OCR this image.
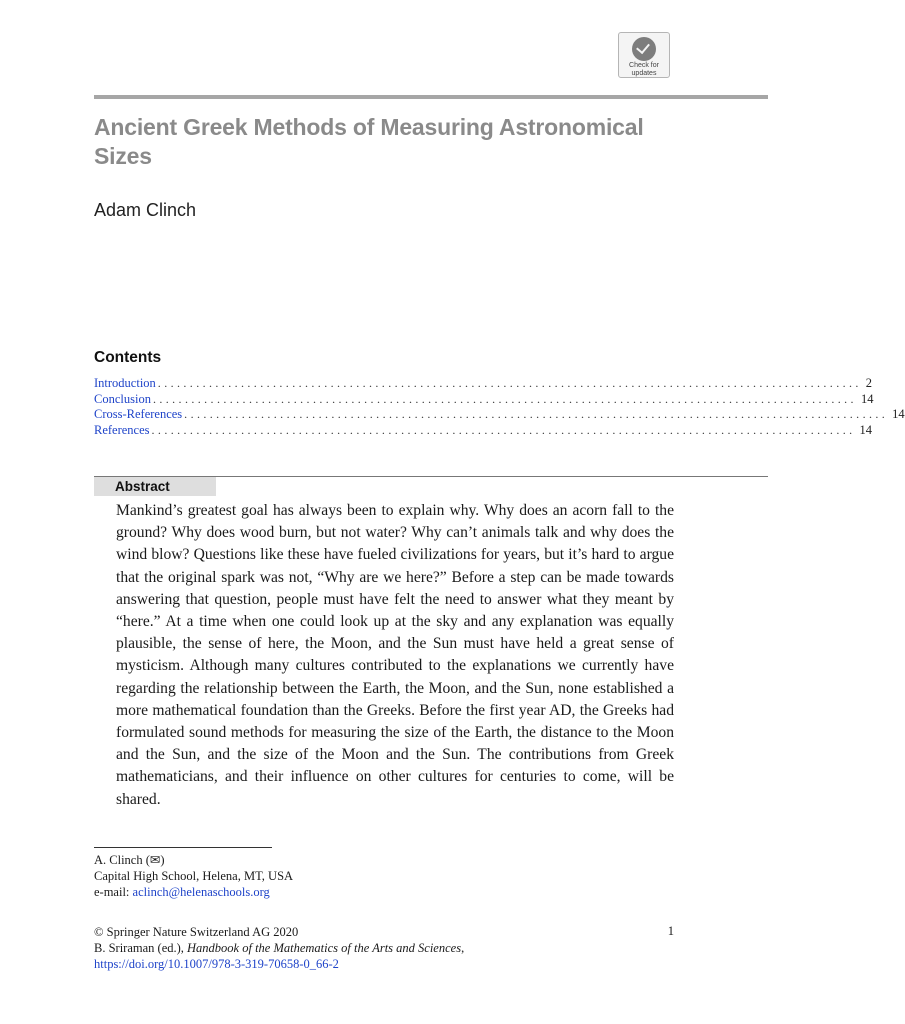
Check for
updates
Ancient Greek Methods of Measuring Astronomical Sizes

Adam Clinch

Contents
Introduction .............................................................................................................. 2
Conclusion .............................................................................................................. 14
Cross-References .............................................................................................................. 14
References .............................................................................................................. 14
Abstract

Mankind’s greatest goal has always been to explain why. Why does an acorn fall to the ground? Why does wood burn, but not water? Why can’t animals talk and why does the wind blow? Questions like these have fueled civilizations for years, but it’s hard to argue that the original spark was not, “Why are we here?” Before a step can be made towards answering that question, people must have felt the need to answer what they meant by “here.” At a time when one could look up at the sky and any explanation was equally plausible, the sense of here, the Moon, and the Sun must have held a great sense of mysticism. Although many cultures contributed to the explanations we currently have regarding the relationship between the Earth, the Moon, and the Sun, none established a more mathematical foundation than the Greeks. Before the first year AD, the Greeks had formulated sound methods for measuring the size of the Earth, the distance to the Moon and the Sun, and the size of the Moon and the Sun. The contributions from Greek mathematicians, and their influence on other cultures for centuries to come, will be shared.

A. Clinch (✉)
Capital High School, Helena, MT, USA
e-mail: aclinch@helenaschools.org
© Springer Nature Switzerland AG 2020
B. Sriraman (ed.), Handbook of the Mathematics of the Arts and Sciences,
https://doi.org/10.1007/978-3-319-70658-0_66-2
1
